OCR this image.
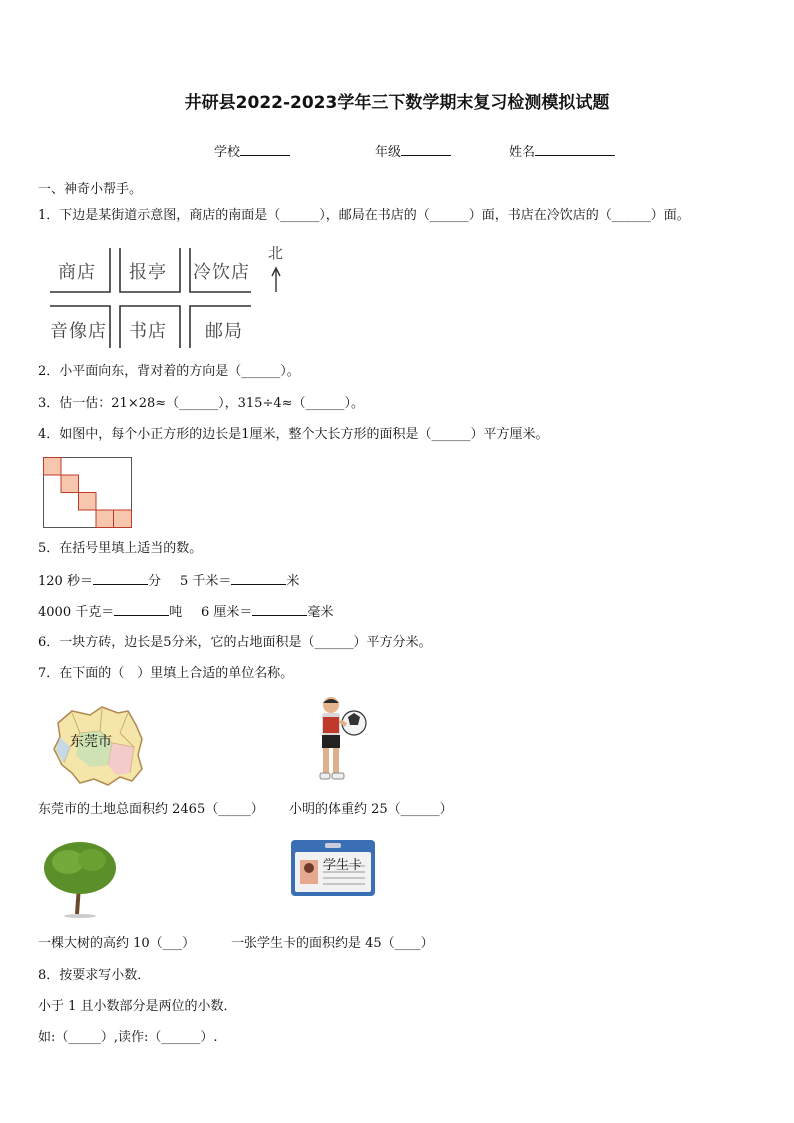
井研县2022-2023学年三下数学期末复习检测模拟试题
学校	年级	姓名
一、神奇小帮手。
1．下边是某街道示意图，商店的南面是（______），邮局在书店的（______）面，书店在冷饮店的（______）面。
商店 报亭 冷饮店
北
音像店 书店 邮局
2．小平面向东，背对着的方向是（______）。
3．估一估：21×28≈（______），315÷4≈（______）。
4．如图中，每个小正方形的边长是1厘米，整个大长方形的面积是（______）平方厘米。
5．在括号里填上适当的数。
120 秒＝	分 5 千米＝	米
4000 千克＝	吨 6 厘米＝	毫米
6．一块方砖，边长是5分米，它的占地面积是（______）平方分米。
7．在下面的（　）里填上合适的单位名称。
东莞市
东莞市的土地总面积约 2465（_____） 小明的体重约 25（______）
学生卡
一棵大树的高约 10（___）	一张学生卡的面积约是 45（____）
8．按要求写小数．
小于 1 且小数部分是两位的小数．
如:（_____）,读作:（______）.
